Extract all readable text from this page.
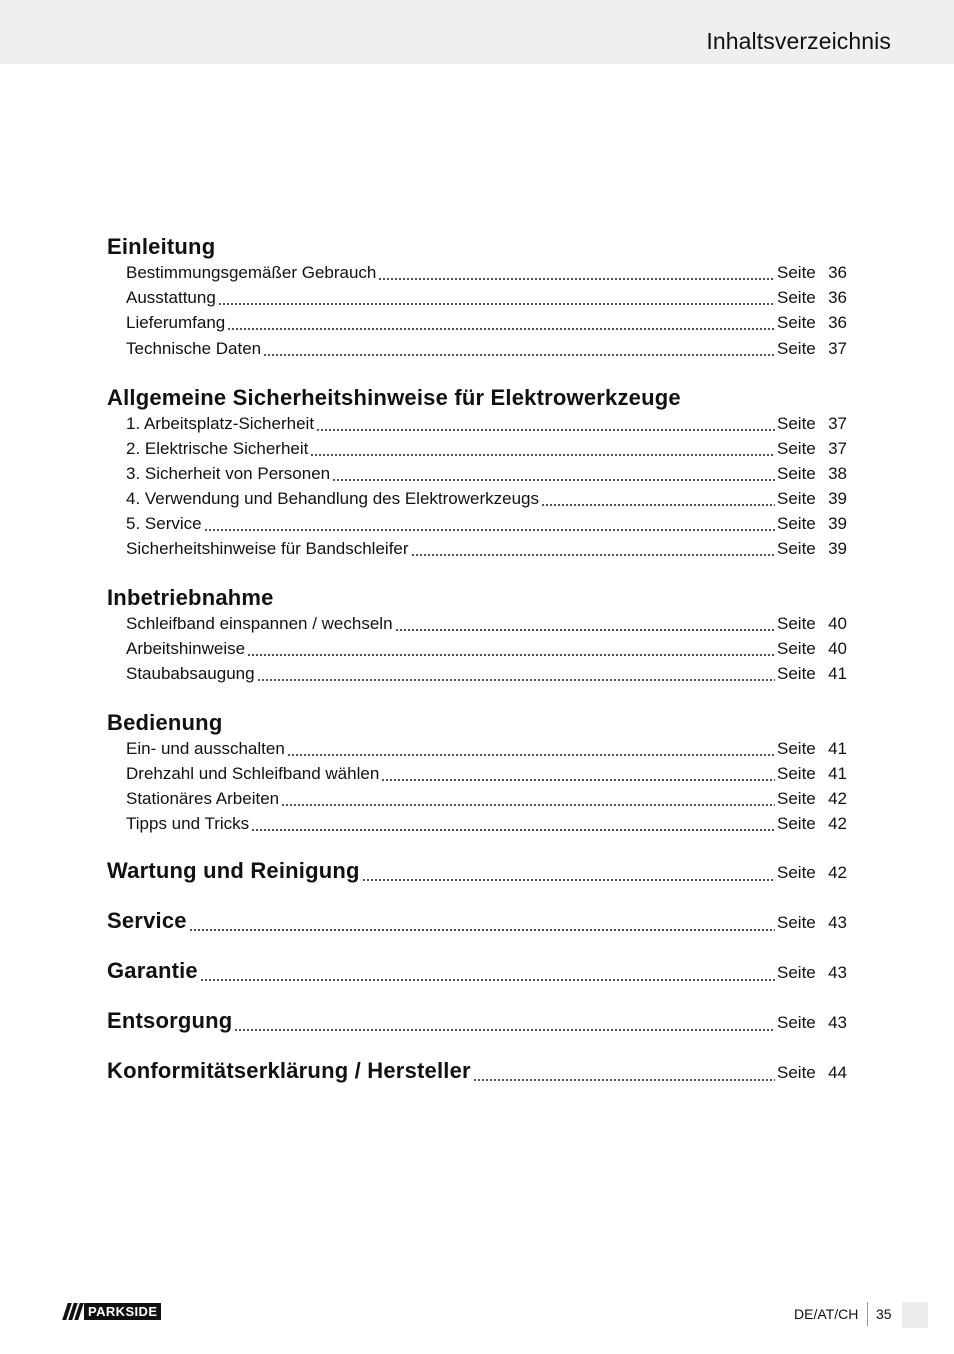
Inhaltsverzeichnis
Einleitung
Bestimmungsgemäßer Gebrauch	Seite 36
Ausstattung	Seite 36
Lieferumfang	Seite 36
Technische Daten	Seite 37
Allgemeine Sicherheitshinweise für Elektrowerkzeuge
1. Arbeitsplatz-Sicherheit	Seite 37
2. Elektrische Sicherheit	Seite 37
3. Sicherheit von Personen	Seite 38
4. Verwendung und Behandlung des Elektrowerkzeugs	Seite 39
5. Service	Seite 39
Sicherheitshinweise für Bandschleifer	Seite 39
Inbetriebnahme
Schleifband einspannen / wechseln	Seite 40
Arbeitshinweise	Seite 40
Staubabsaugung	Seite 41
Bedienung
Ein- und ausschalten	Seite 41
Drehzahl und Schleifband wählen	Seite 41
Stationäres Arbeiten	Seite 42
Tipps und Tricks	Seite 42
Wartung und Reinigung	Seite 42
Service	Seite 43
Garantie	Seite 43
Entsorgung	Seite 43
Konformitätserklärung / Hersteller	Seite 44
PARKSIDE	DE/AT/CH 35
